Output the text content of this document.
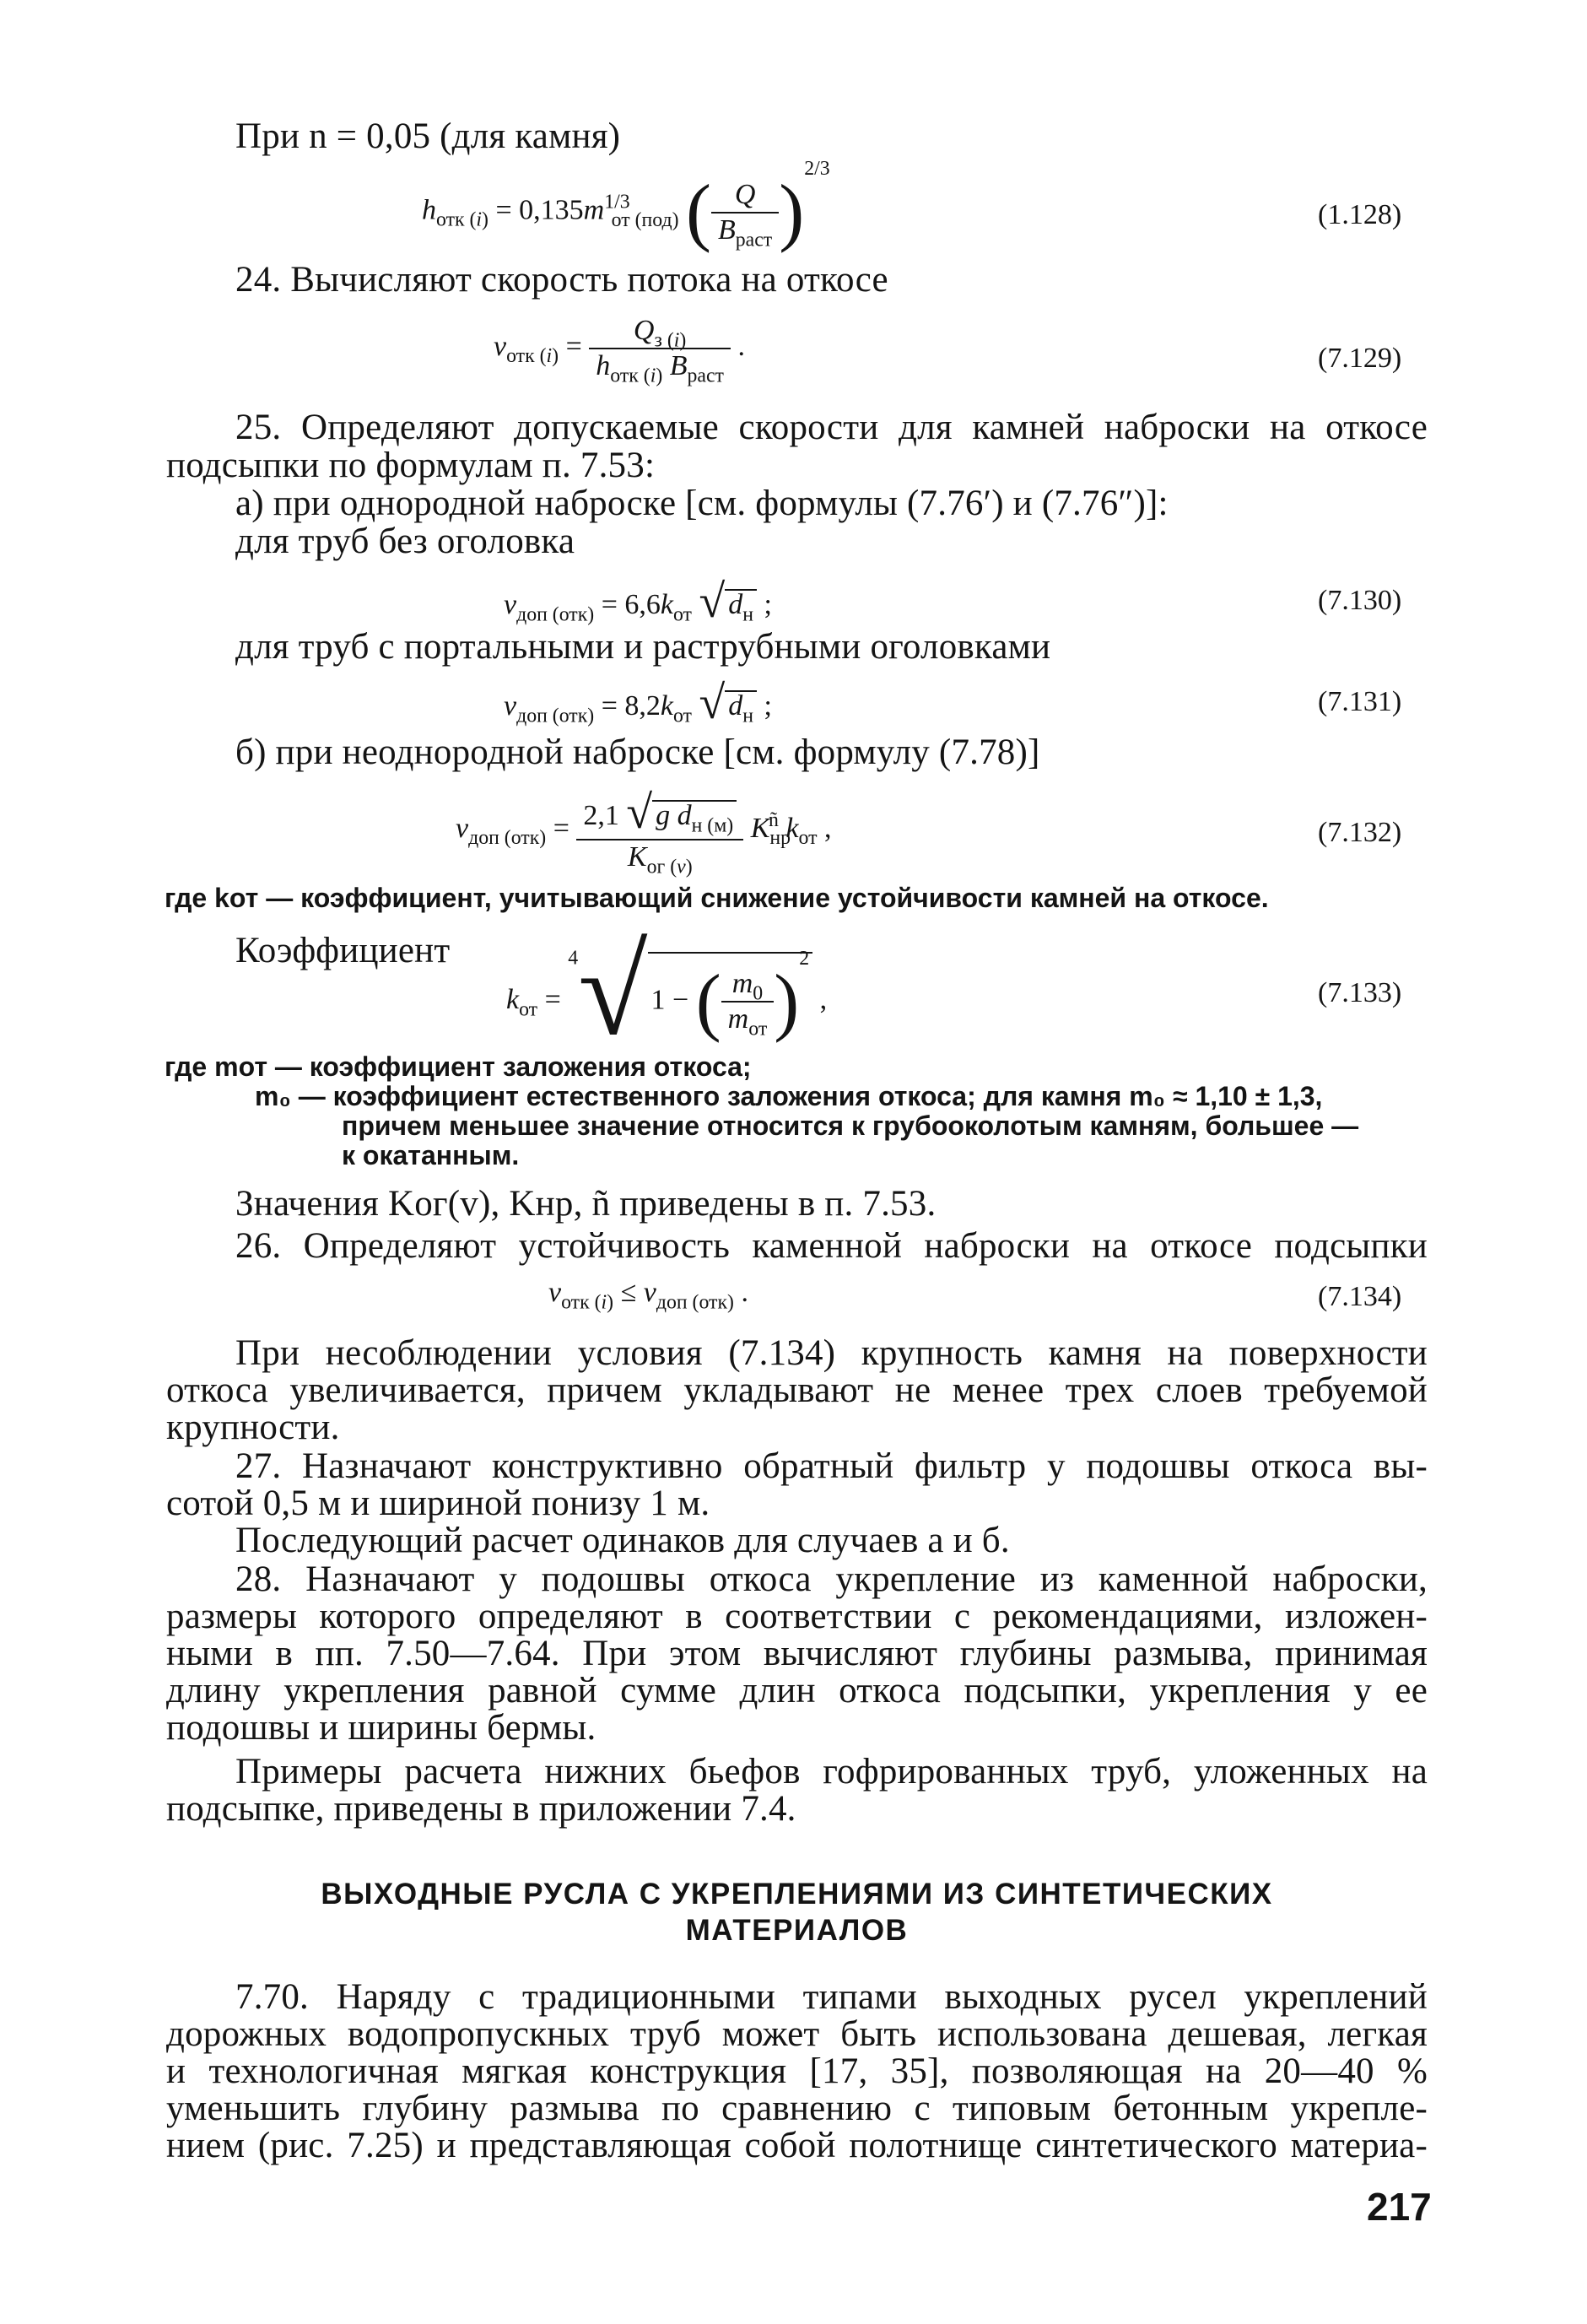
При n = 0,05 (для камня)
$h_{отк (i)} = 0,135m^{1/3}_{от (под)}$ ( $\frac{Q}{B_{раст}} )^{2/3}$
(1.128)
24. Вычисляют скорость потока на откосе
$v_{отк (i)} = \frac{Q_{з (i)}}{h_{отк (i)} B_{раст}}$ .	(7.129)
25. Определяют допускаемые скорости для камней наброски на откосе
подсыпки по формулам п. 7.53:
а) при однородной наброске [см. формулы (7.76′) и (7.76″)]:
для труб без оголовка
$v_{доп (отк)} = 6,6k_{от}$ √ $d_н$ ;	(7.130)
для труб с портальными и раструбными оголовками
$v_{доп (отк)} = 8,2k_{от}$ √ $d_н$ ;	(7.131)
б) при неоднородной наброске [см. формулу (7.78)]
$v_{доп (отк)} = \frac{2,1 √ g d_{н (м)}}{K_{ог (v)}} K_{нр}^ñ$ $k_{от}$ ,	(7.132)
где kот — коэффициент, учитывающий снижение устойчивости камней на откосе.
Коэффициент
$k_{от} = ^4√$ 1 − ( $\frac{m_0}{m_{от}} )^2$ ,	(7.133)
где mот — коэффициент заложения откоса;
m₀ — коэффициент естественного заложения откоса; для камня m₀ ≈ 1,10 ± 1,3,
причем меньшее значение относится к грубооколотым камням, большее —
к окатанным.
Значения Kог(v), Kнр, ñ приведены в п. 7.53.
26. Определяют устойчивость каменной наброски на откосе подсыпки
$v_{отк (i)} \le v_{доп (отк)}$ .	(7.134)
При несоблюдении условия (7.134) крупность камня на поверхности
откоса увеличивается, причем укладывают не менее трех слоев требуемой
крупности.
27. Назначают конструктивно обратный фильтр у подошвы откоса вы-
сотой 0,5 м и шириной понизу 1 м.
Последующий расчет одинаков для случаев а и б.
28. Назначают у подошвы откоса укрепление из каменной наброски,
размеры которого определяют в соответствии с рекомендациями, изложен-
ными в пп. 7.50—7.64. При этом вычисляют глубины размыва, принимая
длину укрепления равной сумме длин откоса подсыпки, укрепления у ее
подошвы и ширины бермы.
Примеры расчета нижних бьефов гофрированных труб, уложенных на
подсыпке, приведены в приложении 7.4.
ВЫХОДНЫЕ РУСЛА С УКРЕПЛЕНИЯМИ ИЗ СИНТЕТИЧЕСКИХ
МАТЕРИАЛОВ
7.70. Наряду с традиционными типами выходных русел укреплений
дорожных водопропускных труб может быть использована дешевая, легкая
и технологичная мягкая конструкция [17, 35], позволяющая на 20—40 %
уменьшить глубину размыва по сравнению с типовым бетонным укрепле-
нием (рис. 7.25) и представляющая собой полотнище синтетического материа-
217
